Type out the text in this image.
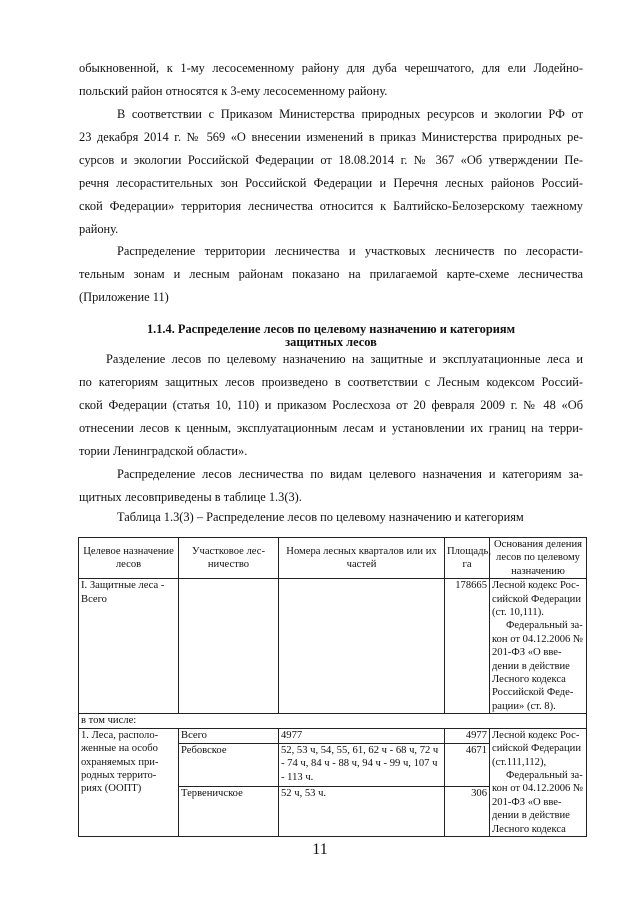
обыкновенной, к 1-му лесосеменному району для дуба черешчатого, для ели Лодейно-
польский район относятся к 3-ему лесосеменному району.
В соответствии с Приказом Министерства природных ресурсов и экологии РФ от
23 декабря 2014 г. № 569 «О внесении изменений в приказ Министерства природных ре-
сурсов и экологии Российской Федерации от 18.08.2014 г. № 367 «Об утверждении Пе-
речня лесорастительных зон Российской Федерации и Перечня лесных районов Россий-
ской Федерации» территория лесничества относится к Балтийско-Белозерскому таежному
району.
Распределение территории лесничества и участковых лесничеств по лесорасти-
тельным зонам и лесным районам показано на прилагаемой карте-схеме лесничества
(Приложение 11)
1.1.4. Распределение лесов по целевому назначению и категориям
защитных лесов
Разделение лесов по целевому назначению на защитные и эксплуатационные леса и
по категориям защитных лесов произведено в соответствии с Лесным кодексом Россий-
ской Федерации (статья 10, 110) и приказом Рослесхоза от 20 февраля 2009 г. № 48 «Об
отнесении лесов к ценным, эксплуатационным лесам и установлении их границ на терри-
тории Ленинградской области».
Распределение лесов лесничества по видам целевого назначения и категориям за-
щитных лесовприведены в таблице 1.3(3).
Таблица 1.3(3) – Распределение лесов по целевому назначению и категориям
Целевое назначение лесов	Участковое лес-ничество	Номера лесных кварталов или их частей	Площадь, га	Основания деления лесов по целевому назначению
I. Защитные леса - Всего			178665	Лесной кодекс Рос-сийской Федерации (ст. 10,111).
Федеральный за-кон от 04.12.2006 № 201-ФЗ «О вве-дении в действие Лесного кодекса Российской Феде-рации» (ст. 8).

в том числе:				
1. Леса, располо-женные на особо охраняемых при-родных террито-риях (ООПТ)	Всего	4977	4977	Лесной кодекс Рос-сийской Федерации (ст.111,112),
Федеральный за-кон от 04.12.2006 № 201-ФЗ «О вве-дении в действие Лесного кодекса

	Ребовское	52, 53 ч, 54, 55, 61, 62 ч - 68 ч, 72 ч - 74 ч, 84 ч - 88 ч, 94 ч - 99 ч, 107 ч - 113 ч.	4671	
	Тервеничское	52 ч, 53 ч.	306	
11
